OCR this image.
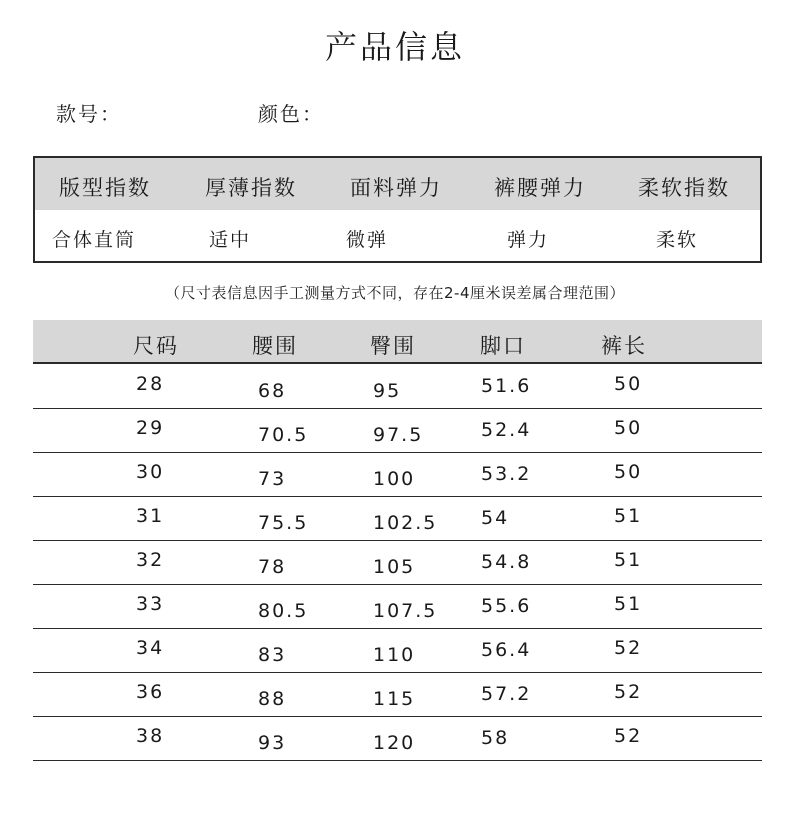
产品信息
款号：	颜色：
版型指数	厚薄指数	面料弹力 裤腰弹力 柔软指数
合体直筒	适中	微弹	弹力	柔软
（尺寸表信息因手工测量方式不同，存在2-4厘米误差属合理范围）
尺码	腰围	臀围	脚口	裤长
28	68	95	51.6	50
29	70.5	97.5	52.4	50
30	73	100	53.2	50
31	75.5	102.5 54	51
32	78	105	54.8	51
33	80.5	107.5 55.6	51
34	83	110	56.4	52
36	88	115	57.2	52
38	93	120	58	52
